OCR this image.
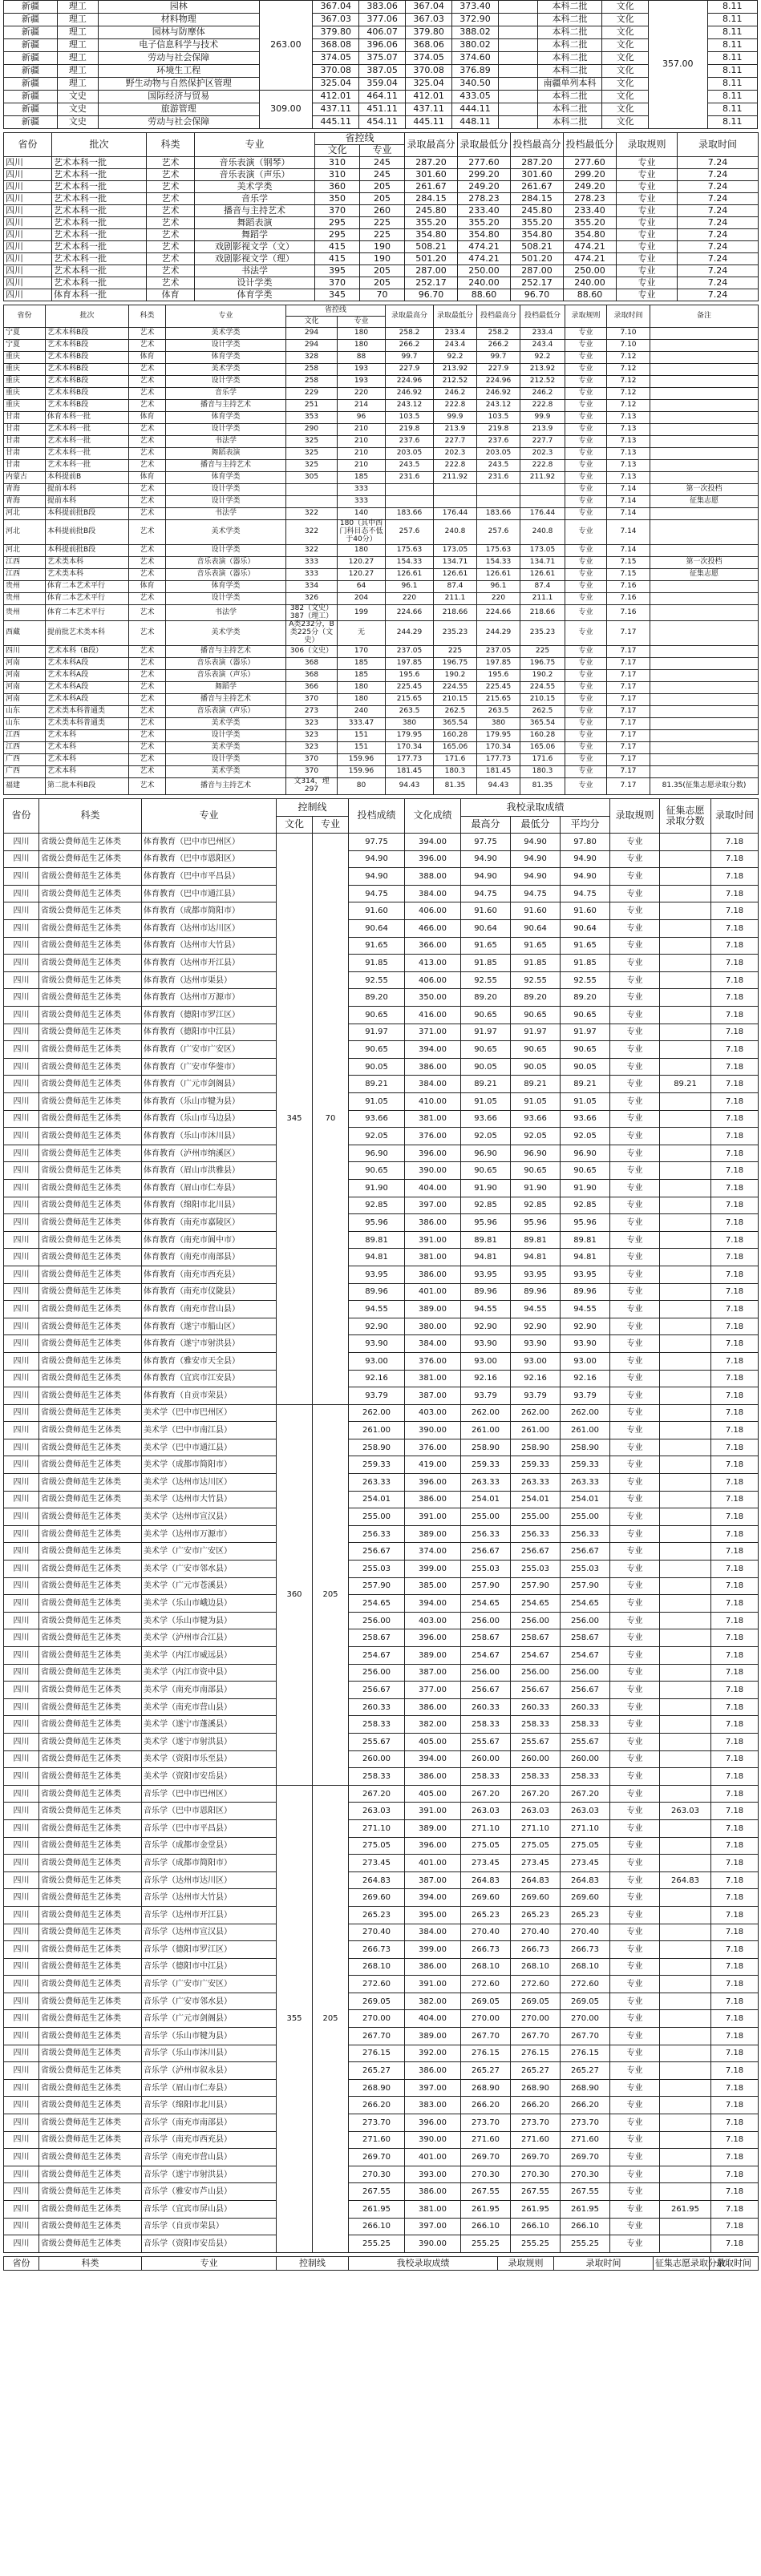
新疆	理工	园林	263.00	367.04	383.06	367.04	373.40		本科二批	文化	357.00	8.11
新疆	理工	材料物理		367.03	377.06	367.03	372.90		本科二批	文化		8.11
新疆	理工	园林与防摩体		379.80	406.07	379.80	388.02		本科二批	文化		8.11
新疆	理工	电子信息科学与技术		368.08	396.06	368.06	380.02		本科二批	文化		8.11
新疆	理工	劳动与社会保障		374.05	375.07	374.05	374.60		本科二批	文化		8.11
新疆	理工	环境生工程		370.08	387.05	370.08	376.89		本科二批	文化		8.11
新疆	理工	野生动物与自然保护区管理		325.04	359.04	325.04	340.50		南疆单列本科	文化		8.11
新疆	文史	国际经济与贸易	309.00	412.01	464.11	412.01	433.05		本科二批	文化		8.11
新疆	文史	旅游管理		437.11	451.11	437.11	444.11		本科二批	文化		8.11
新疆	文史	劳动与社会保障		445.11	454.11	445.11	448.11		本科二批	文化		8.11
省份	批次	科类	专业	省控线		录取最高分	录取最低分	投档最高分	投档最低分	录取规则	录取时间
				文化	专业						
四川	艺术本科一批	艺术	音乐表演（钢琴）	310	245	287.20	277.60	287.20	277.60	专业	7.24
四川	艺术本科一批	艺术	音乐表演（声乐）	310	245	301.60	299.20	301.60	299.20	专业	7.24
四川	艺术本科一批	艺术	美术学类	360	205	261.67	249.20	261.67	249.20	专业	7.24
四川	艺术本科一批	艺术	音乐学	350	205	284.15	278.23	284.15	278.23	专业	7.24
四川	艺术本科一批	艺术	播音与主持艺术	370	260	245.80	233.40	245.80	233.40	专业	7.24
四川	艺术本科一批	艺术	舞蹈表演	295	225	355.20	355.20	355.20	355.20	专业	7.24
四川	艺术本科一批	艺术	舞蹈学	295	225	354.80	354.80	354.80	354.80	专业	7.24
四川	艺术本科一批	艺术	戏剧影视文学（文）	415	190	508.21	474.21	508.21	474.21	专业	7.24
四川	艺术本科一批	艺术	戏剧影视文学（理）	415	190	501.20	474.21	501.20	474.21	专业	7.24
四川	艺术本科一批	艺术	书法学	395	205	287.00	250.00	287.00	250.00	专业	7.24
四川	艺术本科一批	艺术	设计学类	370	205	252.17	240.00	252.17	240.00	专业	7.24
四川	体育本科一批	体育	体育学类	345	70	96.70	88.60	96.70	88.60	专业	7.24
省份	批次	科类	专业	省控线		录取最高分	录取最低分	投档最高分	投档最低分	录取规则	录取时间	备注
				文化	专业							
宁夏	艺术本科B段	艺术	美术学类	294	180	258.2	233.4	258.2	233.4	专业	7.10	
宁夏	艺术本科B段	艺术	设计学类	294	180	266.2	243.4	266.2	243.4	专业	7.10	
重庆	艺术本科B段	体育	体育学类	328	88	99.7	92.2	99.7	92.2	专业	7.12	
重庆	艺术本科B段	艺术	美术学类	258	193	227.9	213.92	227.9	213.92	专业	7.12	
重庆	艺术本科B段	艺术	设计学类	258	193	224.96	212.52	224.96	212.52	专业	7.12	
重庆	艺术本科B段	艺术	音乐学	229	220	246.92	246.2	246.92	246.2	专业	7.12	
重庆	艺术本科B段	艺术	播音与主持艺术	251	214	243.12	222.8	243.12	222.8	专业	7.12	
甘肃	体育本科一批	体育	体育学类	353	96	103.5	99.9	103.5	99.9	专业	7.13	
甘肃	艺术本科一批	艺术	设计学类	290	210	219.8	213.9	219.8	213.9	专业	7.13	
甘肃	艺术本科一批	艺术	书法学	325	210	237.6	227.7	237.6	227.7	专业	7.13	
甘肃	艺术本科一批	艺术	舞蹈表演	325	210	203.05	202.3	203.05	202.3	专业	7.13	
甘肃	艺术本科一批	艺术	播音与主持艺术	325	210	243.5	222.8	243.5	222.8	专业	7.13	
内蒙古	本科提前B	体育	体育学类	305	185	231.6	211.92	231.6	211.92	专业	7.13	
青海	提前本科	艺术	设计学类		333					专业	7.14	第一次投档
青海	提前本科	艺术	设计学类		333					专业	7.14	征集志愿
河北	本科提前批B段	艺术	书法学	322	140	183.66	176.44	183.66	176.44	专业	7.14	
河北	本科提前批B段	艺术	美术学类	322	180（其中西门科目态不低于40分）	257.6	240.8	257.6	240.8	专业	7.14	
河北	本科提前批B段	艺术	设计学类	322	180	175.63	173.05	175.63	173.05	专业	7.14	
江西	艺术类本科	艺术	音乐表演（器乐）	333	120.27	154.33	134.71	154.33	134.71	专业	7.15	第一次投档
江西	艺术类本科	艺术	音乐表演（器乐）	333	120.27	126.61	126.61	126.61	126.61	专业	7.15	征集志愿
贵州	体育二本艺术平行	体育	体育学类	334	64	96.1	87.4	96.1	87.4	专业	7.16	
贵州	体育二本艺术平行	艺术	设计学类	326	204	220	211.1	220	211.1	专业	7.16	
贵州	体育二本艺术平行	艺术	书法学	382（文史）387（理工）	199	224.66	218.66	224.66	218.66	专业	7.16	
西藏	提前批艺术类本科	艺术	美术学类	A类232分，B类225分（文史）	无	244.29	235.23	244.29	235.23	专业	7.17	
四川	艺术本科（B段）	艺术	播音与主持艺术	306（文史）	170	237.05	225	237.05	225	专业	7.17	
河南	艺术本科A段	艺术	音乐表演（器乐）	368	185	197.85	196.75	197.85	196.75	专业	7.17	
河南	艺术本科A段	艺术	音乐表演（声乐）	368	185	195.6	190.2	195.6	190.2	专业	7.17	
河南	艺术本科A段	艺术	舞蹈学	366	180	225.45	224.55	225.45	224.55	专业	7.17	
河南	艺术本科A段	艺术	播音与主持艺术	370	180	215.65	210.15	215.65	210.15	专业	7.17	
山东	艺术类本科普通类	艺术	音乐表演（声乐）	273	240	263.5	262.5	263.5	262.5	专业	7.17	
山东	艺术类本科普通类	艺术	美术学类	323	333.47	380	365.54	380	365.54	专业	7.17	
江西	艺术本科	艺术	设计学类	323	151	179.95	160.28	179.95	160.28	专业	7.17	
江西	艺术本科	艺术	美术学类	323	151	170.34	165.06	170.34	165.06	专业	7.17	
广西	艺术本科	艺术	设计学类	370	159.96	177.73	171.6	177.73	171.6	专业	7.17	
广西	艺术本科	艺术	美术学类	370	159.96	181.45	180.3	181.45	180.3	专业	7.17	
福建	第二批本科B段	艺术	播音与主持艺术	文314，理297	80	94.43	81.35	94.43	81.35	专业	7.17	81.35(征集志愿录取分数)
省份	科类	专业	控制线		投档成绩	文化成绩	我校录取成绩			录取规则	征集志愿录取分数	录取时间
			文化	专业			最高分	最低分	平均分			
四川	省级公费师范生艺体类	体育教育（巴中市巴州区）	345	70	97.75	394.00	97.75	94.90	97.80	专业		7.18
四川	省级公费师范生艺体类	体育教育（巴中市恩阳区）			94.90	396.00	94.90	94.90	94.90	专业		7.18
四川	省级公费师范生艺体类	体育教育（巴中市平昌县）			94.90	388.00	94.90	94.90	94.90	专业		7.18
四川	省级公费师范生艺体类	体育教育（巴中市通江县）			94.75	384.00	94.75	94.75	94.75	专业		7.18
四川	省级公费师范生艺体类	体育教育（成都市简阳市）			91.60	406.00	91.60	91.60	91.60	专业		7.18
四川	省级公费师范生艺体类	体育教育（达州市达川区）			90.64	466.00	90.64	90.64	90.64	专业		7.18
四川	省级公费师范生艺体类	体育教育（达州市大竹县）			91.65	366.00	91.65	91.65	91.65	专业		7.18
四川	省级公费师范生艺体类	体育教育（达州市开江县）			91.85	413.00	91.85	91.85	91.85	专业		7.18
四川	省级公费师范生艺体类	体育教育（达州市渠县）			92.55	406.00	92.55	92.55	92.55	专业		7.18
四川	省级公费师范生艺体类	体育教育（达州市万源市）			89.20	350.00	89.20	89.20	89.20	专业		7.18
四川	省级公费师范生艺体类	体育教育（德阳市罗江区）			90.65	416.00	90.65	90.65	90.65	专业		7.18
四川	省级公费师范生艺体类	体育教育（德阳市中江县）			91.97	371.00	91.97	91.97	91.97	专业		7.18
四川	省级公费师范生艺体类	体育教育（广安市广安区）			90.65	394.00	90.65	90.65	90.65	专业		7.18
四川	省级公费师范生艺体类	体育教育（广安市华蓥市）			90.05	386.00	90.05	90.05	90.05	专业		7.18
四川	省级公费师范生艺体类	体育教育（广元市剑阁县）			89.21	384.00	89.21	89.21	89.21	专业	89.21	7.18
四川	省级公费师范生艺体类	体育教育（乐山市犍为县）			91.05	410.00	91.05	91.05	91.05	专业		7.18
四川	省级公费师范生艺体类	体育教育（乐山市马边县）			93.66	381.00	93.66	93.66	93.66	专业		7.18
四川	省级公费师范生艺体类	体育教育（乐山市沐川县）			92.05	376.00	92.05	92.05	92.05	专业		7.18
四川	省级公费师范生艺体类	体育教育（泸州市纳溪区）			96.90	396.00	96.90	96.90	96.90	专业		7.18
四川	省级公费师范生艺体类	体育教育（眉山市洪雅县）			90.65	390.00	90.65	90.65	90.65	专业		7.18
四川	省级公费师范生艺体类	体育教育（眉山市仁寿县）			91.90	404.00	91.90	91.90	91.90	专业		7.18
四川	省级公费师范生艺体类	体育教育（绵阳市北川县）			92.85	397.00	92.85	92.85	92.85	专业		7.18
四川	省级公费师范生艺体类	体育教育（南充市嘉陵区）			95.96	386.00	95.96	95.96	95.96	专业		7.18
四川	省级公费师范生艺体类	体育教育（南充市阆中市）			89.81	391.00	89.81	89.81	89.81	专业		7.18
四川	省级公费师范生艺体类	体育教育（南充市南部县）			94.81	381.00	94.81	94.81	94.81	专业		7.18
四川	省级公费师范生艺体类	体育教育（南充市西充县）			93.95	386.00	93.95	93.95	93.95	专业		7.18
四川	省级公费师范生艺体类	体育教育（南充市仪陇县）			89.96	401.00	89.96	89.96	89.96	专业		7.18
四川	省级公费师范生艺体类	体育教育（南充市营山县）			94.55	389.00	94.55	94.55	94.55	专业		7.18
四川	省级公费师范生艺体类	体育教育（遂宁市船山区）			92.90	380.00	92.90	92.90	92.90	专业		7.18
四川	省级公费师范生艺体类	体育教育（遂宁市射洪县）			93.90	384.00	93.90	93.90	93.90	专业		7.18
四川	省级公费师范生艺体类	体育教育（雅安市天全县）			93.00	376.00	93.00	93.00	93.00	专业		7.18
四川	省级公费师范生艺体类	体育教育（宜宾市江安县）			92.16	381.00	92.16	92.16	92.16	专业		7.18
四川	省级公费师范生艺体类	体育教育（自贡市荣县）			93.79	387.00	93.79	93.79	93.79	专业		7.18
四川	省级公费师范生艺体类	美术学（巴中市巴州区）	360	205	262.00	403.00	262.00	262.00	262.00	专业		7.18
四川	省级公费师范生艺体类	美术学（巴中市南江县）			261.00	390.00	261.00	261.00	261.00	专业		7.18
四川	省级公费师范生艺体类	美术学（巴中市通江县）			258.90	376.00	258.90	258.90	258.90	专业		7.18
四川	省级公费师范生艺体类	美术学（成都市简阳市）			259.33	419.00	259.33	259.33	259.33	专业		7.18
四川	省级公费师范生艺体类	美术学（达州市达川区）			263.33	396.00	263.33	263.33	263.33	专业		7.18
四川	省级公费师范生艺体类	美术学（达州市大竹县）			254.01	386.00	254.01	254.01	254.01	专业		7.18
四川	省级公费师范生艺体类	美术学（达州市宣汉县）			255.00	391.00	255.00	255.00	255.00	专业		7.18
四川	省级公费师范生艺体类	美术学（达州市万源市）			256.33	389.00	256.33	256.33	256.33	专业		7.18
四川	省级公费师范生艺体类	美术学（广安市广安区）			256.67	374.00	256.67	256.67	256.67	专业		7.18
四川	省级公费师范生艺体类	美术学（广安市邻水县）			255.03	399.00	255.03	255.03	255.03	专业		7.18
四川	省级公费师范生艺体类	美术学（广元市苍溪县）			257.90	385.00	257.90	257.90	257.90	专业		7.18
四川	省级公费师范生艺体类	美术学（乐山市峨边县）			254.65	394.00	254.65	254.65	254.65	专业		7.18
四川	省级公费师范生艺体类	美术学（乐山市犍为县）			256.00	403.00	256.00	256.00	256.00	专业		7.18
四川	省级公费师范生艺体类	美术学（泸州市合江县）			258.67	396.00	258.67	258.67	258.67	专业		7.18
四川	省级公费师范生艺体类	美术学（内江市威远县）			254.67	389.00	254.67	254.67	254.67	专业		7.18
四川	省级公费师范生艺体类	美术学（内江市资中县）			256.00	387.00	256.00	256.00	256.00	专业		7.18
四川	省级公费师范生艺体类	美术学（南充市南部县）			256.67	377.00	256.67	256.67	256.67	专业		7.18
四川	省级公费师范生艺体类	美术学（南充市营山县）			260.33	386.00	260.33	260.33	260.33	专业		7.18
四川	省级公费师范生艺体类	美术学（遂宁市蓬溪县）			258.33	382.00	258.33	258.33	258.33	专业		7.18
四川	省级公费师范生艺体类	美术学（遂宁市射洪县）			255.67	405.00	255.67	255.67	255.67	专业		7.18
四川	省级公费师范生艺体类	美术学（资阳市乐至县）			260.00	394.00	260.00	260.00	260.00	专业		7.18
四川	省级公费师范生艺体类	美术学（资阳市安岳县）			258.33	386.00	258.33	258.33	258.33	专业		7.18
四川	省级公费师范生艺体类	音乐学（巴中市巴州区）	355	205	267.20	405.00	267.20	267.20	267.20	专业		7.18
四川	省级公费师范生艺体类	音乐学（巴中市恩阳区）			263.03	391.00	263.03	263.03	263.03	专业	263.03	7.18
四川	省级公费师范生艺体类	音乐学（巴中市平昌县）			271.10	389.00	271.10	271.10	271.10	专业		7.18
四川	省级公费师范生艺体类	音乐学（成都市金堂县）			275.05	396.00	275.05	275.05	275.05	专业		7.18
四川	省级公费师范生艺体类	音乐学（成都市简阳市）			273.45	401.00	273.45	273.45	273.45	专业		7.18
四川	省级公费师范生艺体类	音乐学（达州市达川区）			264.83	387.00	264.83	264.83	264.83	专业	264.83	7.18
四川	省级公费师范生艺体类	音乐学（达州市大竹县）			269.60	394.00	269.60	269.60	269.60	专业		7.18
四川	省级公费师范生艺体类	音乐学（达州市开江县）			265.23	395.00	265.23	265.23	265.23	专业		7.18
四川	省级公费师范生艺体类	音乐学（达州市宣汉县）			270.40	384.00	270.40	270.40	270.40	专业		7.18
四川	省级公费师范生艺体类	音乐学（德阳市罗江区）			266.73	399.00	266.73	266.73	266.73	专业		7.18
四川	省级公费师范生艺体类	音乐学（德阳市中江县）			268.10	386.00	268.10	268.10	268.10	专业		7.18
四川	省级公费师范生艺体类	音乐学（广安市广安区）			272.60	391.00	272.60	272.60	272.60	专业		7.18
四川	省级公费师范生艺体类	音乐学（广安市邻水县）			269.05	382.00	269.05	269.05	269.05	专业		7.18
四川	省级公费师范生艺体类	音乐学（广元市剑阁县）			270.00	404.00	270.00	270.00	270.00	专业		7.18
四川	省级公费师范生艺体类	音乐学（乐山市犍为县）			267.70	389.00	267.70	267.70	267.70	专业		7.18
四川	省级公费师范生艺体类	音乐学（乐山市沐川县）			276.15	392.00	276.15	276.15	276.15	专业		7.18
四川	省级公费师范生艺体类	音乐学（泸州市叙永县）			265.27	386.00	265.27	265.27	265.27	专业		7.18
四川	省级公费师范生艺体类	音乐学（眉山市仁寿县）			268.90	397.00	268.90	268.90	268.90	专业		7.18
四川	省级公费师范生艺体类	音乐学（绵阳市北川县）			266.20	383.00	266.20	266.20	266.20	专业		7.18
四川	省级公费师范生艺体类	音乐学（南充市南部县）			273.70	396.00	273.70	273.70	273.70	专业		7.18
四川	省级公费师范生艺体类	音乐学（南充市西充县）			271.60	390.00	271.60	271.60	271.60	专业		7.18
四川	省级公费师范生艺体类	音乐学（南充市营山县）			269.70	401.00	269.70	269.70	269.70	专业		7.18
四川	省级公费师范生艺体类	音乐学（遂宁市射洪县）			270.30	393.00	270.30	270.30	270.30	专业		7.18
四川	省级公费师范生艺体类	音乐学（雅安市芦山县）			267.55	386.00	267.55	267.55	267.55	专业		7.18
四川	省级公费师范生艺体类	音乐学（宜宾市屏山县）			261.95	381.00	261.95	261.95	261.95	专业	261.95	7.18
四川	省级公费师范生艺体类	音乐学（自贡市荣县）			266.10	397.00	266.10	266.10	266.10	专业		7.18
四川	省级公费师范生艺体类	音乐学（资阳市安岳县）			255.25	390.00	255.25	255.25	255.25	专业		7.18
省份	科类	专业	控制线	我校录取成绩	录取规则	录取时间	征集志愿录取分数	录取时间
